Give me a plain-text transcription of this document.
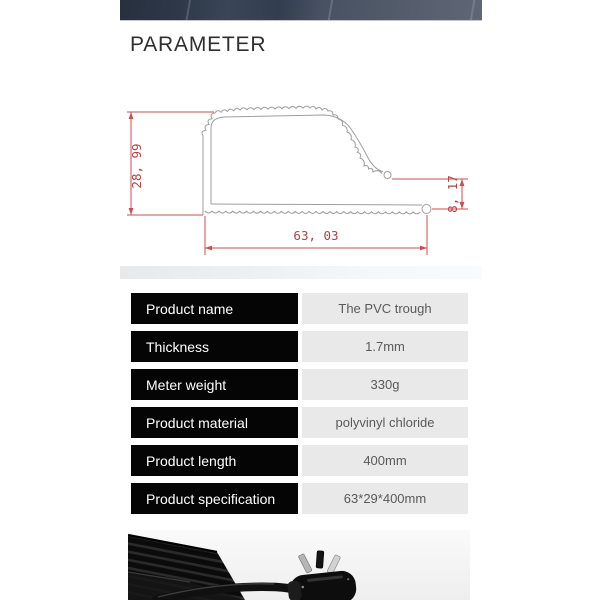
PARAMETER
28, 99
63, 03
8, 17
Product name	The PVC trough
Thickness	1.7mm
Meter weight	330g
Product material	polyvinyl chloride
Product length	400mm
Product specification	63*29*400mm
